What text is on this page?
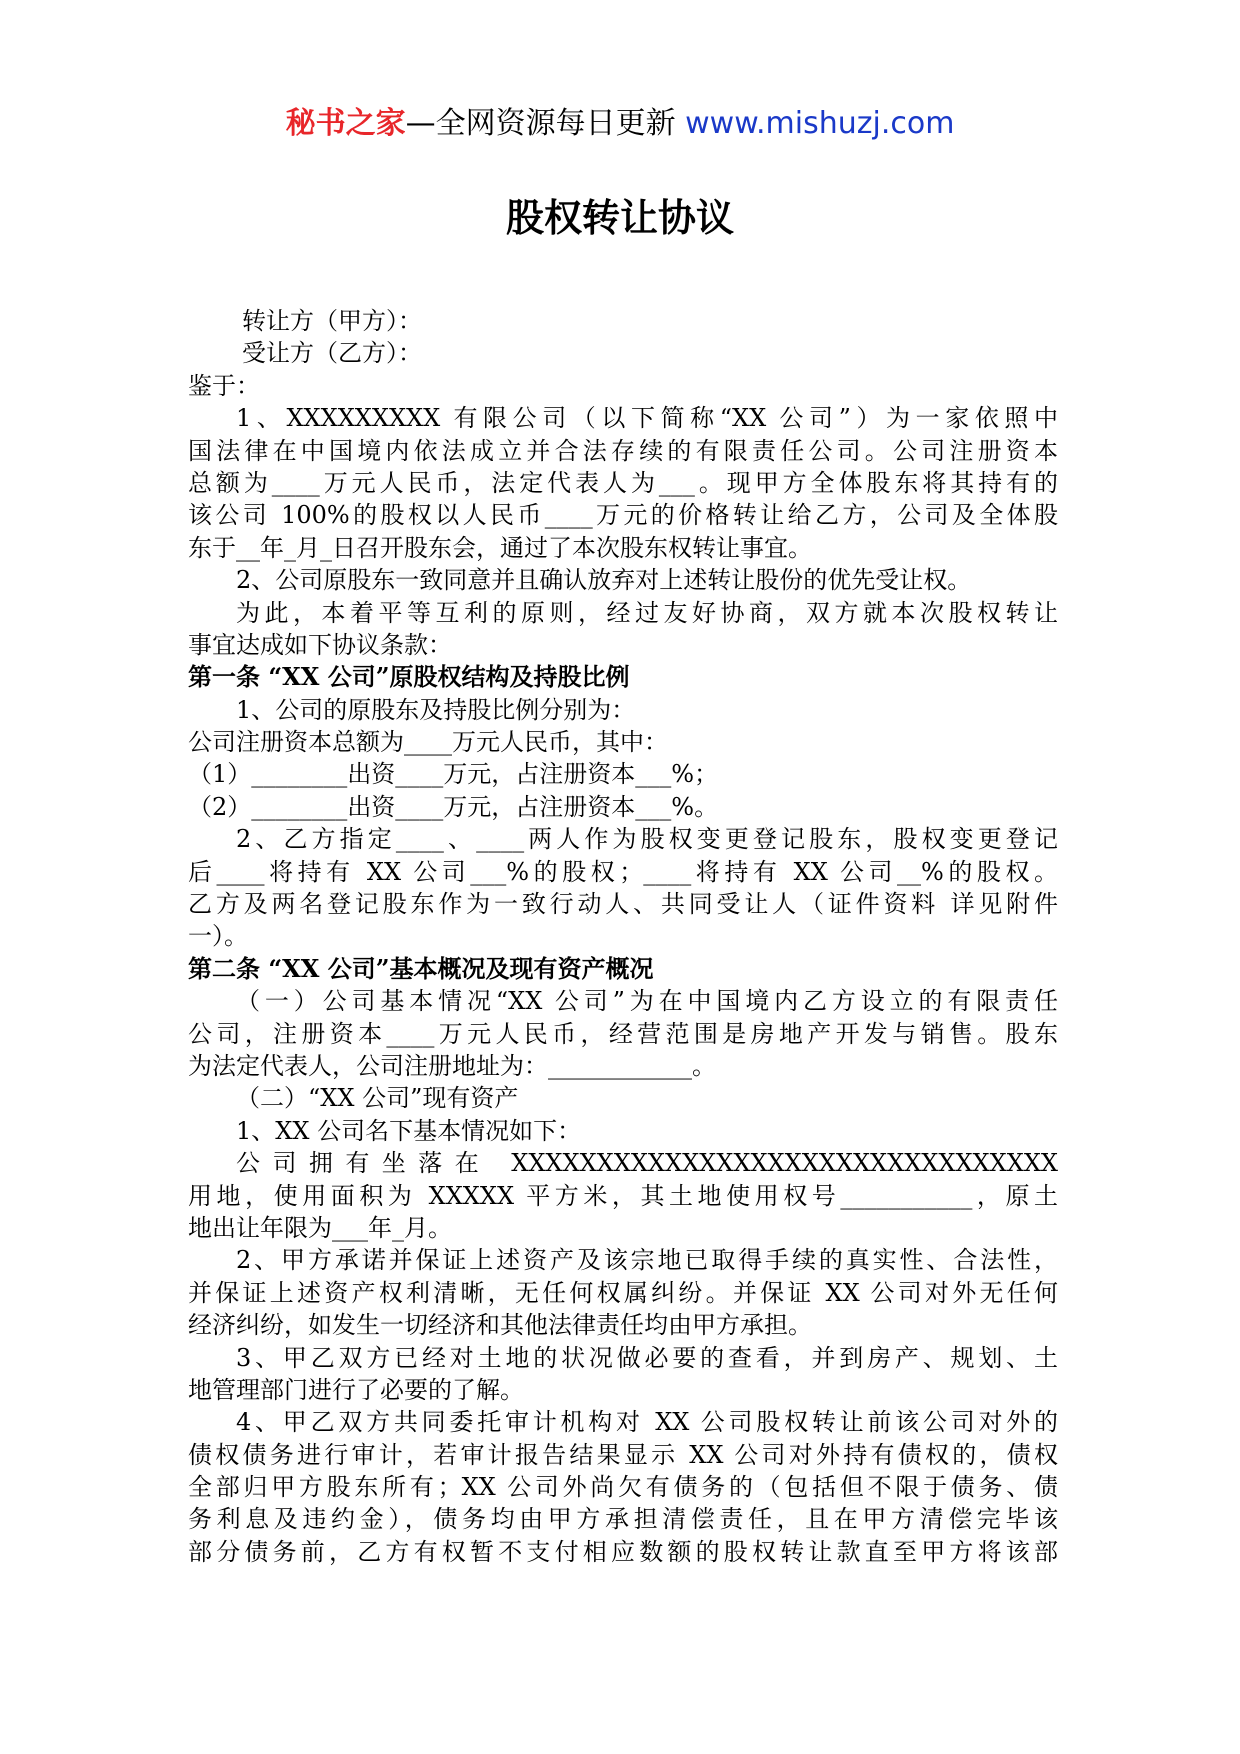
秘书之家—全网资源每日更新 www.mishuzj.com
股权转让协议
转让方（甲方）：
受让方（乙方）：
鉴于：
1、XXXXXXXXX 有限公司（以下简称“XX 公司”）为一家依照中
国法律在中国境内依法成立并合法存续的有限责任公司。公司注册资本
总额为____万元人民币，法定代表人为___。现甲方全体股东将其持有的
该公司 100%的股权以人民币____万元的价格转让给乙方，公司及全体股
东于__年_月_日召开股东会，通过了本次股东权转让事宜。
2、公司原股东一致同意并且确认放弃对上述转让股份的优先受让权。
为此，本着平等互利的原则，经过友好协商，双方就本次股权转让
事宜达成如下协议条款：
第一条 “XX 公司”原股权结构及持股比例
1、公司的原股东及持股比例分别为：
公司注册资本总额为____万元人民币，其中：
（1）________出资____万元，占注册资本___%；
（2）________出资____万元，占注册资本___%。
2、乙方指定____、____两人作为股权变更登记股东，股权变更登记
后____将持有 XX 公司___%的股权；____将持有 XX 公司__%的股权。
乙方及两名登记股东作为一致行动人、共同受让人（证件资料 详见附件
一）。
第二条 “XX 公司”基本概况及现有资产概况
（一）公司基本情况“XX 公司”为在中国境内乙方设立的有限责任
公司，注册资本____万元人民币，经营范围是房地产开发与销售。股东
为法定代表人，公司注册地址为：____________。
（二）“XX 公司”现有资产
1、XX 公司名下基本情况如下：
公司拥有坐落在 XXXXXXXXXXXXXXXXXXXXXXXXXXXXXXXX
用地，使用面积为 XXXXX 平方米，其土地使用权号___________，原土
地出让年限为___年_月。
2、甲方承诺并保证上述资产及该宗地已取得手续的真实性、合法性，
并保证上述资产权利清晰，无任何权属纠纷。并保证 XX 公司对外无任何
经济纠纷，如发生一切经济和其他法律责任均由甲方承担。
3、甲乙双方已经对土地的状况做必要的查看，并到房产、规划、土
地管理部门进行了必要的了解。
4、甲乙双方共同委托审计机构对 XX 公司股权转让前该公司对外的
债权债务进行审计，若审计报告结果显示 XX 公司对外持有债权的，债权
全部归甲方股东所有；XX 公司外尚欠有债务的（包括但不限于债务、债
务利息及违约金），债务均由甲方承担清偿责任，且在甲方清偿完毕该
部分债务前，乙方有权暂不支付相应数额的股权转让款直至甲方将该部
